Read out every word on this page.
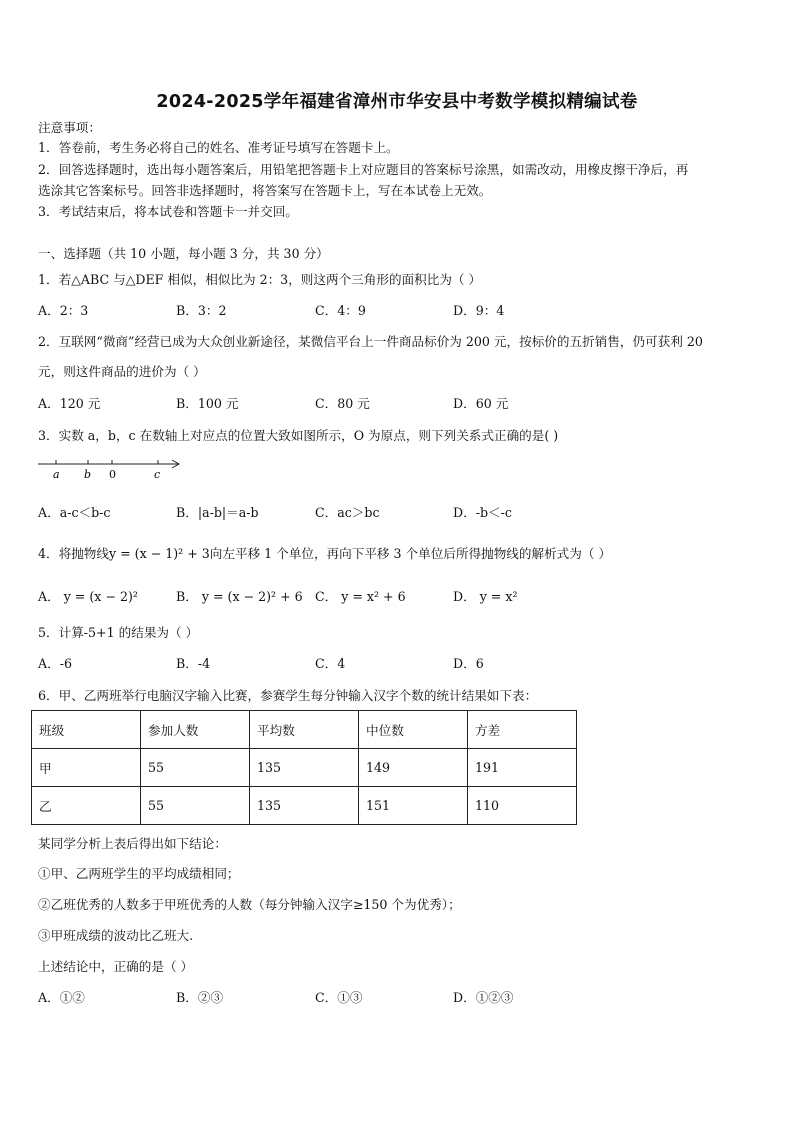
2024-2025学年福建省漳州市华安县中考数学模拟精编试卷
注意事项：
1．答卷前，考生务必将自己的姓名、准考证号填写在答题卡上。
2．回答选择题时，选出每小题答案后，用铅笔把答题卡上对应题目的答案标号涂黑，如需改动，用橡皮擦干净后，再
选涂其它答案标号。回答非选择题时，将答案写在答题卡上，写在本试卷上无效。
3．考试结束后，将本试卷和答题卡一并交回。
一、选择题（共 10 小题，每小题 3 分，共 30 分）
1．若△ABC 与△DEF 相似，相似比为 2：3，则这两个三角形的面积比为（ ）
A．2：3	B．3：2	C．4：9	D．9：4
2．互联网“微商”经营已成为大众创业新途径，某微信平台上一件商品标价为 200 元，按标价的五折销售，仍可获利 20
元，则这件商品的进价为（ ）
A．120 元	B．100 元	C．80 元	D．60 元
3．实数 a，b，c 在数轴上对应点的位置大致如图所示，O 为原点，则下列关系式正确的是( )
a b 0	c
A．a-c＜b-c	B．|a-b|＝a-b	C．ac＞bc	D．-b＜-c
4．将抛物线y = (x − 1)² + 3向左平移 1 个单位，再向下平移 3 个单位后所得抛物线的解析式为（ ）
A． y = (x − 2)²	B． y = (x − 2)² + 6 C． y = x² + 6	D． y = x²
5．计算-5+1 的结果为（ ）
A．-6	B．-4	C．4	D．6
6．甲、乙两班举行电脑汉字输入比赛，参赛学生每分钟输入汉字个数的统计结果如下表：
班级	参加人数	平均数	中位数	方差
甲	55	135	149	191
乙	55	135	151	110
某同学分析上表后得出如下结论：
①甲、乙两班学生的平均成绩相同；
②乙班优秀的人数多于甲班优秀的人数（每分钟输入汉字≥150 个为优秀）；
③甲班成绩的波动比乙班大.
上述结论中，正确的是（ ）
A．①②	B．②③	C．①③	D．①②③
